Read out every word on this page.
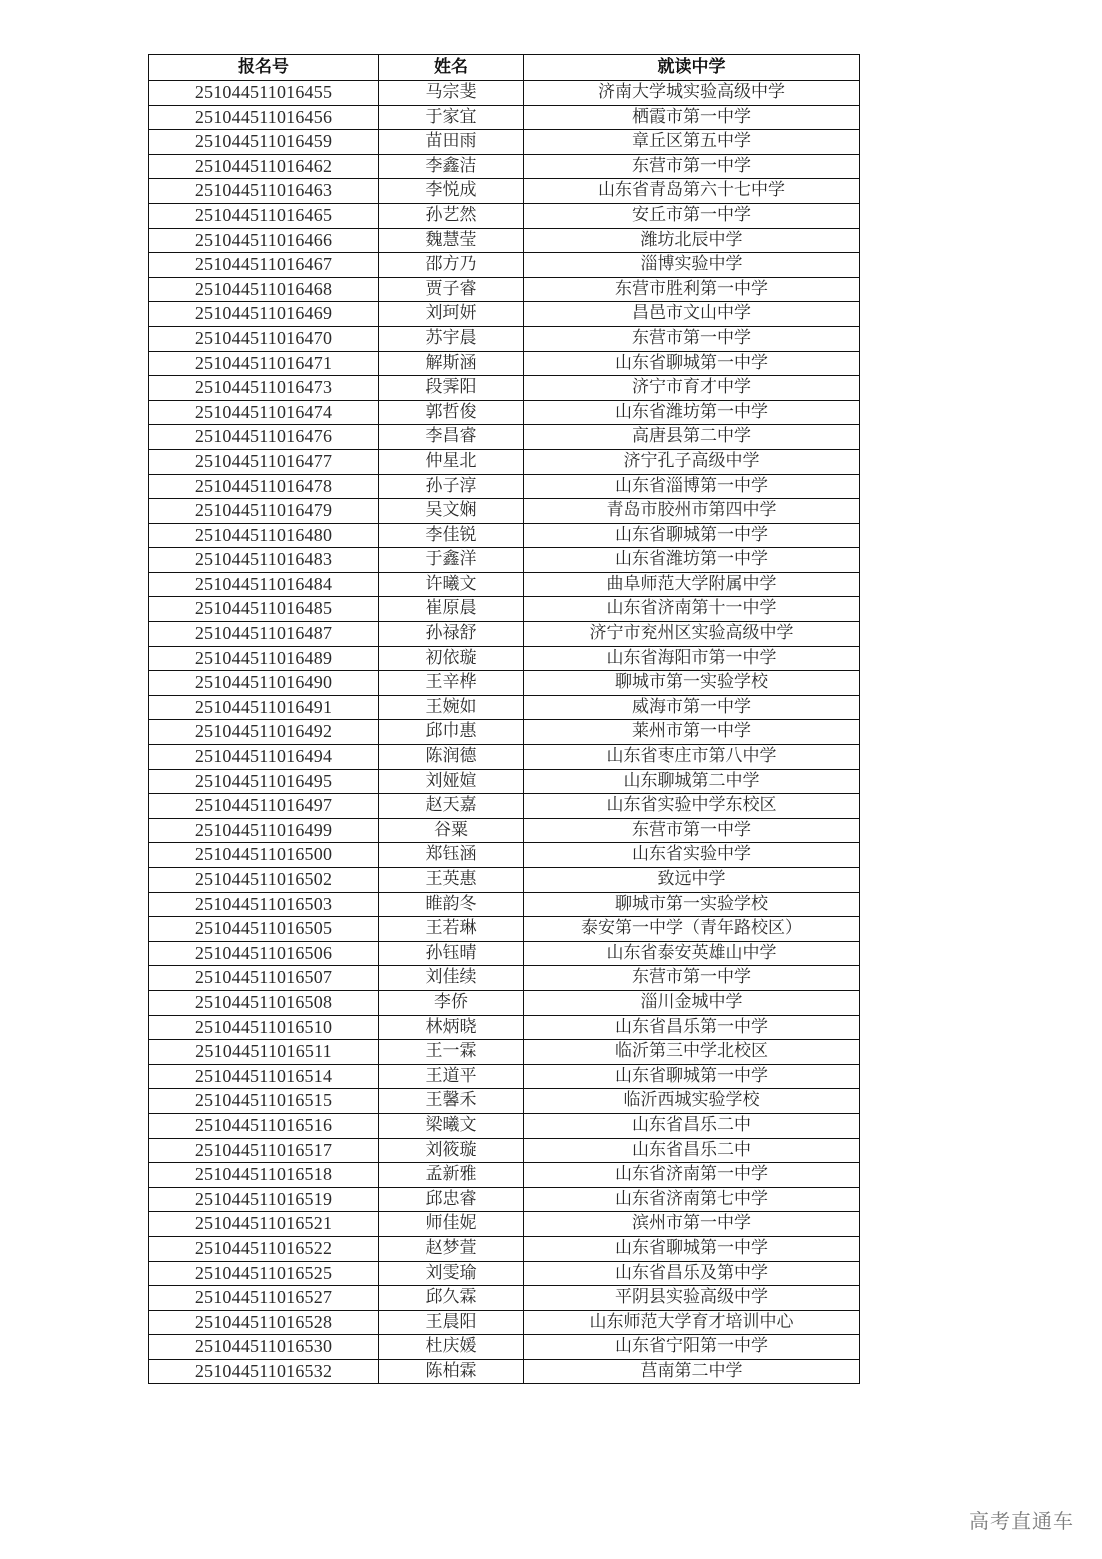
报名号	姓名	就读中学
251044511016455	马宗斐	济南大学城实验高级中学
251044511016456	于家宜	栖霞市第一中学
251044511016459	苗田雨	章丘区第五中学
251044511016462	李鑫洁	东营市第一中学
251044511016463	李悦成	山东省青岛第六十七中学
251044511016465	孙艺然	安丘市第一中学
251044511016466	魏慧莹	潍坊北辰中学
251044511016467	邵方乃	淄博实验中学
251044511016468	贾子睿	东营市胜利第一中学
251044511016469	刘珂妍	昌邑市文山中学
251044511016470	苏宇晨	东营市第一中学
251044511016471	解斯涵	山东省聊城第一中学
251044511016473	段霁阳	济宁市育才中学
251044511016474	郭哲俊	山东省潍坊第一中学
251044511016476	李昌睿	高唐县第二中学
251044511016477	仲星北	济宁孔子高级中学
251044511016478	孙子淳	山东省淄博第一中学
251044511016479	吴文娴	青岛市胶州市第四中学
251044511016480	李佳锐	山东省聊城第一中学
251044511016483	于鑫洋	山东省潍坊第一中学
251044511016484	许曦文	曲阜师范大学附属中学
251044511016485	崔原晨	山东省济南第十一中学
251044511016487	孙禄舒	济宁市兖州区实验高级中学
251044511016489	初依璇	山东省海阳市第一中学
251044511016490	王辛桦	聊城市第一实验学校
251044511016491	王婉如	威海市第一中学
251044511016492	邱巾惠	莱州市第一中学
251044511016494	陈润德	山东省枣庄市第八中学
251044511016495	刘娅媗	山东聊城第二中学
251044511016497	赵天嘉	山东省实验中学东校区
251044511016499	谷粟	东营市第一中学
251044511016500	郑钰涵	山东省实验中学
251044511016502	王英惠	致远中学
251044511016503	睢韵冬	聊城市第一实验学校
251044511016505	王若琳	泰安第一中学（青年路校区）
251044511016506	孙钰晴	山东省泰安英雄山中学
251044511016507	刘佳续	东营市第一中学
251044511016508	李侨	淄川金城中学
251044511016510	林炳晓	山东省昌乐第一中学
251044511016511	王一霖	临沂第三中学北校区
251044511016514	王道平	山东省聊城第一中学
251044511016515	王馨禾	临沂西城实验学校
251044511016516	梁曦文	山东省昌乐二中
251044511016517	刘筱璇	山东省昌乐二中
251044511016518	孟新雅	山东省济南第一中学
251044511016519	邱忠睿	山东省济南第七中学
251044511016521	师佳妮	滨州市第一中学
251044511016522	赵梦萱	山东省聊城第一中学
251044511016525	刘雯瑜	山东省昌乐及第中学
251044511016527	邱久霖	平阴县实验高级中学
251044511016528	王晨阳	山东师范大学育才培训中心
251044511016530	杜庆媛	山东省宁阳第一中学
251044511016532	陈柏霖	莒南第二中学
高考直通车
